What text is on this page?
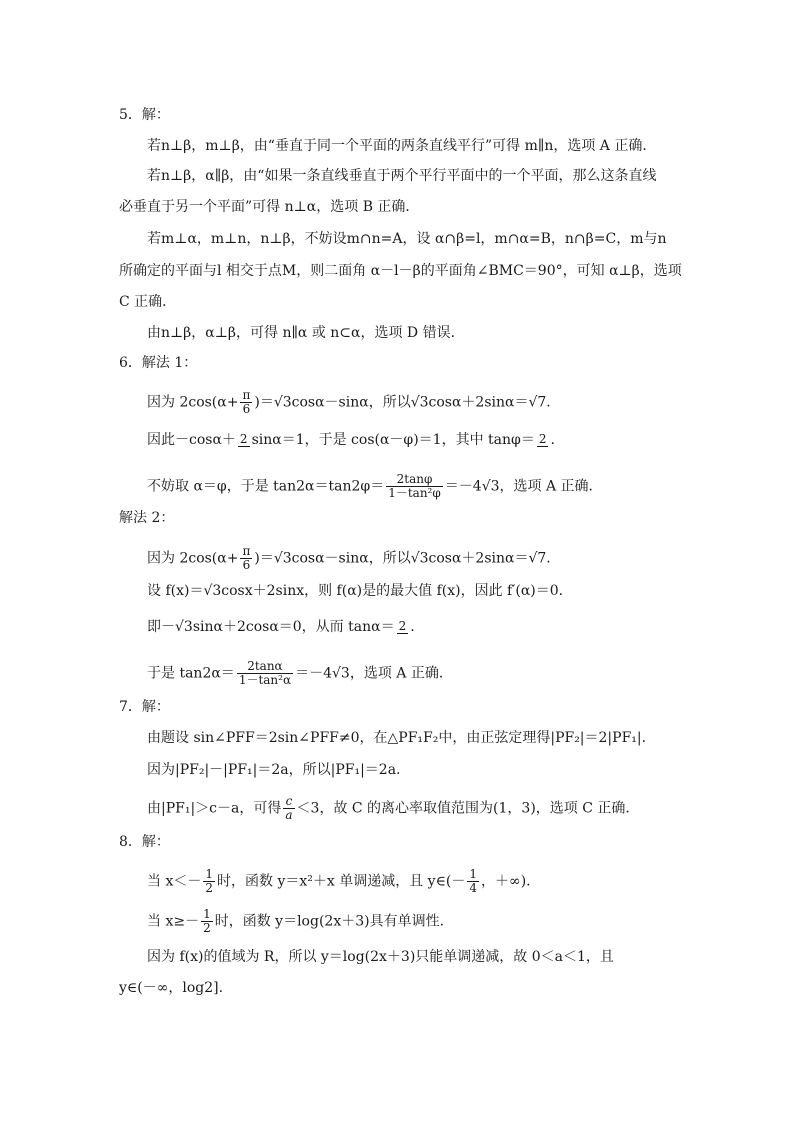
5．解：
若n⊥β，m⊥β，由“垂直于同一个平面的两条直线平行”可得 m∥n，选项 A 正确．
若n⊥β，α∥β，由“如果一条直线垂直于两个平行平面中的一个平面，那么这条直线
必垂直于另一个平面”可得 n⊥α，选项 B 正确．
若m⊥α，m⊥n，n⊥β，不妨设m∩n=A，设 α∩β=l，m∩α=B，n∩β=C，m与n
所确定的平面与l 相交于点M，则二面角 α－l－β的平面角∠BMC＝90°，可知 α⊥β，选项
C 正确．
由n⊥β，α⊥β，可得 n∥α 或 n⊂α，选项 D 错误．
6．解法 1：
因为 $2\cos(\alpha+ \frac{\pi}{6} )=√3\cos\alpha-\sin\alpha$，所以√3cosα＋2sinα＝√7.
因此－cosα＋ 2 sinα＝1，于是 cos(α－φ)＝1，其中 tanφ＝ 2 .
不妨取 α＝φ，于是 $\tan 2\alpha=\tan 2\varphi= \frac{2\tan\varphi}{\text{1－tan²φ}} =-4√3$，选项 A 正确．
解法 2：
因为 $2\cos(\alpha+ \frac{\pi}{6} )=√3\cos\alpha-\sin\alpha$，所以√3cosα＋2sinα＝√7.
设 f(x)＝√3cosx＋2sinx，则 f(α)是的最大值 f(x)，因此 f′(α)＝0.
即－√3sinα＋2cosα＝0，从而 tanα＝ 2 .
于是 $\tan 2\alpha= \frac{2\tan\alpha}{\text{1－tan²α}} =-4√3$，选项 A 正确．
7．解：
由题设 sin∠PFF＝2sin∠PFF≠0，在△PF₁F₂中，由正弦定理得|PF₂|＝2|PF₁|.
因为|PF₂|－|PF₁|＝2a，所以|PF₁|＝2a.
由|PF₁|＞c－a，可得 $\frac{c}{a} <3$，故 C 的离心率取值范围为(1，3)，选项 C 正确．
8．解：
当 $x<- \frac{1}{2}$ 时，函数 y＝x²＋x 单调递减，且 y∈(－ $\frac{1}{4}$ ，＋∞).
当 $x\ge- \frac{1}{2}$ 时，函数 y＝log(2x＋3)具有单调性．
因为 f(x)的值域为 R，所以 y＝log(2x＋3)只能单调递减，故 0＜a＜1，且
y∈(－∞，log2].
